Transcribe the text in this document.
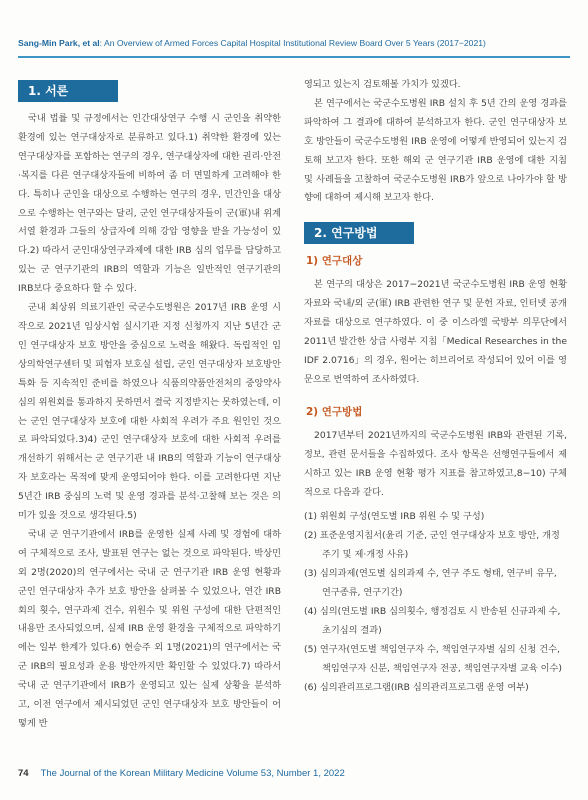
Sang-Min Park, et al: An Overview of Armed Forces Capital Hospital Institutional Review Board Over 5 Years (2017−2021)
1. 서론

국내 법률 및 규정에서는 인간대상연구 수행 시 군인을 취약한 환경에 있는 연구대상자로 분류하고 있다.1) 취약한 환경에 있는 연구대상자를 포함하는 연구의 경우, 연구대상자에 대한 권리·안전·복지를 다른 연구대상자들에 비하여 좀 더 면밀하게 고려해야 한다. 특히나 군인을 대상으로 수행하는 연구의 경우, 민간인을 대상으로 수행하는 연구와는 달리, 군인 연구대상자들이 군(軍)내 위계 서열 환경과 그들의 상급자에 의해 강압 영향을 받을 가능성이 있다.2) 따라서 군인대상연구과제에 대한 IRB 심의 업무를 담당하고 있는 군 연구기관의 IRB의 역할과 기능은 일반적인 연구기관의 IRB보다 중요하다 할 수 있다.

군내 최상위 의료기관인 국군수도병원은 2017년 IRB 운영 시작으로 2021년 임상시험 실시기관 지정 신청까지 지난 5년간 군인 연구대상자 보호 방안을 중심으로 노력을 해왔다. 독립적인 임상의학연구센터 및 피험자 보호실 설립, 군인 연구대상자 보호방안 특화 등 지속적인 준비를 하였으나 식품의약품안전처의 중앙약사심의 위원회를 통과하지 못하면서 결국 지정받지는 못하였는데, 이는 군인 연구대상자 보호에 대한 사회적 우려가 주요 원인인 것으로 파악되었다.3)4) 군인 연구대상자 보호에 대한 사회적 우려를 개선하기 위해서는 군 연구기관 내 IRB의 역할과 기능이 연구대상자 보호라는 목적에 맞게 운영되어야 한다. 이를 고려한다면 지난 5년간 IRB 중심의 노력 및 운영 경과를 분석·고찰해 보는 것은 의미가 있을 것으로 생각된다.5)

국내 군 연구기관에서 IRB를 운영한 실제 사례 및 경험에 대하여 구체적으로 조사, 발표된 연구는 없는 것으로 파악된다. 박상민 외 2명(2020)의 연구에서는 국내 군 연구기관 IRB 운영 현황과 군인 연구대상자 추가 보호 방안을 살펴볼 수 있었으나, 연간 IRB 회의 횟수, 연구과제 건수, 위원수 및 위원 구성에 대한 단편적인 내용만 조사되었으며, 실제 IRB 운영 환경을 구체적으로 파악하기에는 일부 한계가 있다.6) 현승주 외 1명(2021)의 연구에서는 국군 IRB의 필요성과 운용 방안까지만 확인할 수 있었다.7) 따라서 국내 군 연구기관에서 IRB가 운영되고 있는 실제 상황을 분석하고, 이전 연구에서 제시되었던 군인 연구대상자 보호 방안들이 어떻게 반

영되고 있는지 검토해볼 가치가 있겠다.

본 연구에서는 국군수도병원 IRB 설치 후 5년 간의 운영 경과를 파악하여 그 결과에 대하여 분석하고자 한다. 군인 연구대상자 보호 방안들이 국군수도병원 IRB 운영에 어떻게 반영되어 있는지 검토해 보고자 한다. 또한 해외 군 연구기관 IRB 운영에 대한 지침 및 사례들을 고찰하여 국군수도병원 IRB가 앞으로 나아가야 할 방향에 대하여 제시해 보고자 한다.

2. 연구방법
1) 연구대상

본 연구의 대상은 2017−2021년 국군수도병원 IRB 운영 현황 자료와 국내/외 군(軍) IRB 관련한 연구 및 문헌 자료, 인터넷 공개 자료를 대상으로 연구하였다. 이 중 이스라엘 국방부 의무단에서 2011년 발간한 상급 사령부 지침「Medical Researches in the IDF 2.0716」의 경우, 원어는 히브리어로 작성되어 있어 이를 영문으로 번역하여 조사하였다.

2) 연구방법

2017년부터 2021년까지의 국군수도병원 IRB와 관련된 기록, 정보, 관련 문서들을 수집하였다. 조사 항목은 선행연구들에서 제시하고 있는 IRB 운영 현황 평가 지표를 참고하였고,8−10) 구체적으로 다음과 같다.

(1) 위원회 구성(연도별 IRB 위원 수 및 구성)
(2) 표준운영지침서(윤리 기준, 군인 연구대상자 보호 방안, 개정주기 및 제·개정 사유)
(3) 심의과제(연도별 심의과제 수, 연구 주도 형태, 연구비 유무, 연구종류, 연구기간)
(4) 심의(연도별 IRB 심의횟수, 행정검토 시 반송된 신규과제 수, 초기심의 결과)
(5) 연구자(연도별 책임연구자 수, 책임연구자별 심의 신청 건수, 책임연구자 신분, 책임연구자 전공, 책임연구자별 교육 이수)
(6) 심의관리프로그램(IRB 심의관리프로그램 운영 여부)
74 The Journal of the Korean Military Medicine Volume 53, Number 1, 2022
